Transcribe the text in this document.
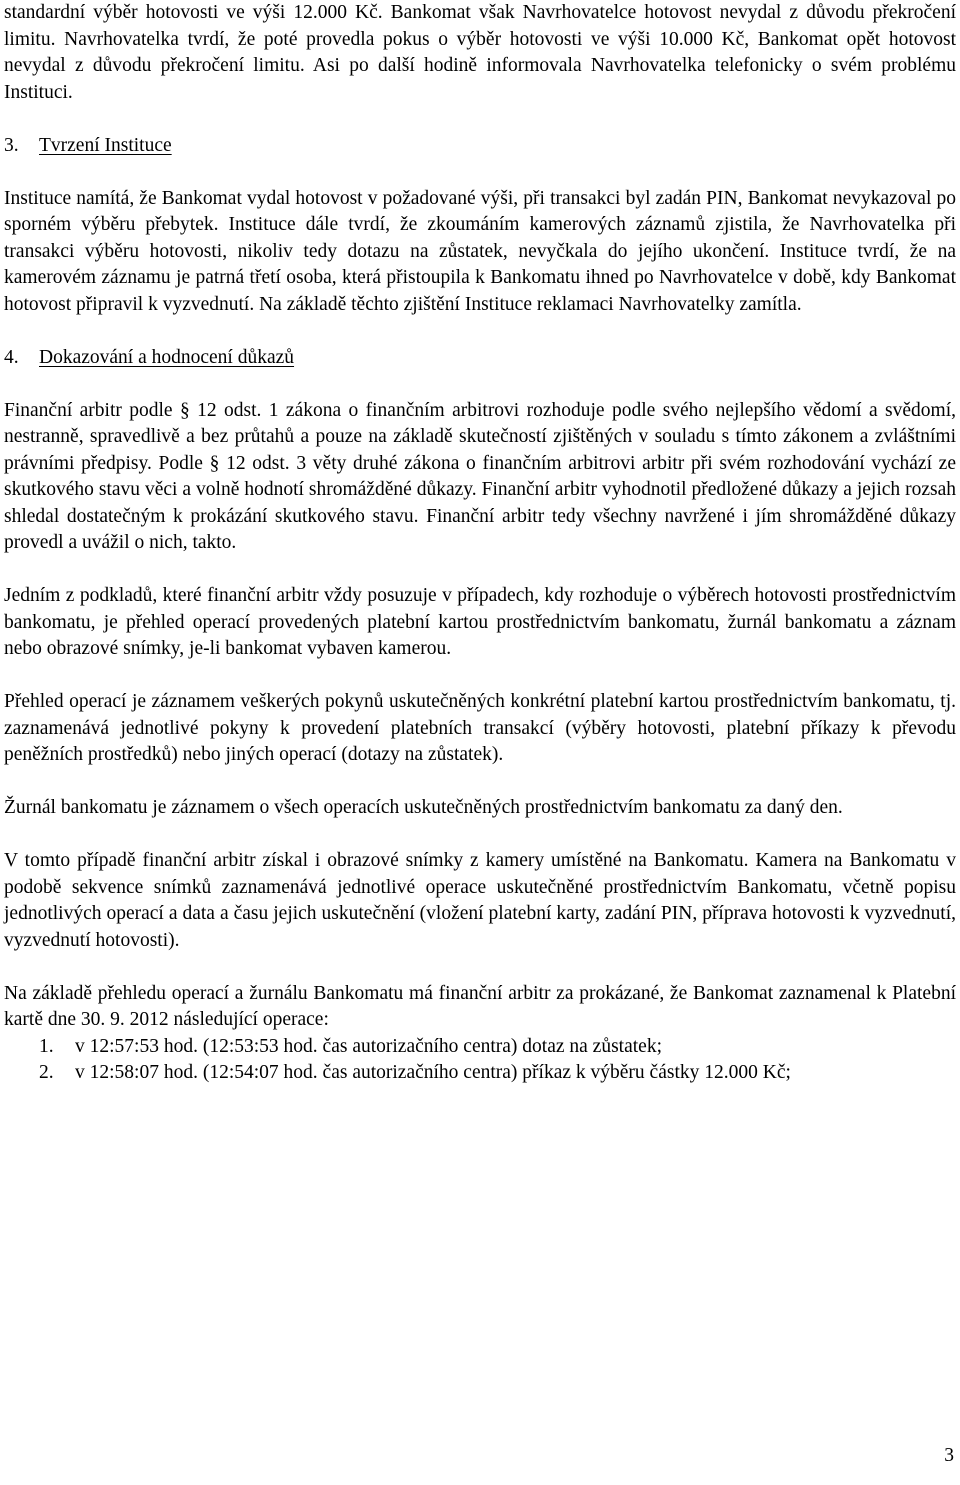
standardní výběr hotovosti ve výši 12.000 Kč. Bankomat však Navrhovatelce hotovost nevydal z důvodu překročení limitu. Navrhovatelka tvrdí, že poté provedla pokus o výběr hotovosti ve výši 10.000 Kč, Bankomat opět hotovost nevydal z důvodu překročení limitu. Asi po další hodině informovala Navrhovatelka telefonicky o svém problému Instituci.

3. Tvrzení Instituce

Instituce namítá, že Bankomat vydal hotovost v požadované výši, při transakci byl zadán PIN, Bankomat nevykazoval po sporném výběru přebytek. Instituce dále tvrdí, že zkoumáním kamerových záznamů zjistila, že Navrhovatelka při transakci výběru hotovosti, nikoliv tedy dotazu na zůstatek, nevyčkala do jejího ukončení. Instituce tvrdí, že na kamerovém záznamu je patrná třetí osoba, která přistoupila k Bankomatu ihned po Navrhovatelce v době, kdy Bankomat hotovost připravil k vyzvednutí. Na základě těchto zjištění Instituce reklamaci Navrhovatelky zamítla.

4. Dokazování a hodnocení důkazů

Finanční arbitr podle § 12 odst. 1 zákona o finančním arbitrovi rozhoduje podle svého nejlepšího vědomí a svědomí, nestranně, spravedlivě a bez průtahů a pouze na základě skutečností zjištěných v souladu s tímto zákonem a zvláštními právními předpisy. Podle § 12 odst. 3 věty druhé zákona o finančním arbitrovi arbitr při svém rozhodování vychází ze skutkového stavu věci a volně hodnotí shromážděné důkazy. Finanční arbitr vyhodnotil předložené důkazy a jejich rozsah shledal dostatečným k prokázání skutkového stavu. Finanční arbitr tedy všechny navržené i jím shromážděné důkazy provedl a uvážil o nich, takto.

Jedním z podkladů, které finanční arbitr vždy posuzuje v případech, kdy rozhoduje o výběrech hotovosti prostřednictvím bankomatu, je přehled operací provedených platební kartou prostřednictvím bankomatu, žurnál bankomatu a záznam nebo obrazové snímky, je-li bankomat vybaven kamerou.

Přehled operací je záznamem veškerých pokynů uskutečněných konkrétní platební kartou prostřednictvím bankomatu, tj. zaznamenává jednotlivé pokyny k provedení platebních transakcí (výběry hotovosti, platební příkazy k převodu peněžních prostředků) nebo jiných operací (dotazy na zůstatek).

Žurnál bankomatu je záznamem o všech operacích uskutečněných prostřednictvím bankomatu za daný den.

V tomto případě finanční arbitr získal i obrazové snímky z kamery umístěné na Bankomatu. Kamera na Bankomatu v podobě sekvence snímků zaznamenává jednotlivé operace uskutečněné prostřednictvím Bankomatu, včetně popisu jednotlivých operací a data a času jejich uskutečnění (vložení platební karty, zadání PIN, příprava hotovosti k vyzvednutí, vyzvednutí hotovosti).

Na základě přehledu operací a žurnálu Bankomatu má finanční arbitr za prokázané, že Bankomat zaznamenal k Platební kartě dne 30. 9. 2012 následující operace:

1. v 12:57:53 hod. (12:53:53 hod. čas autorizačního centra) dotaz na zůstatek;
2. v 12:58:07 hod. (12:54:07 hod. čas autorizačního centra) příkaz k výběru částky 12.000 Kč;
3
